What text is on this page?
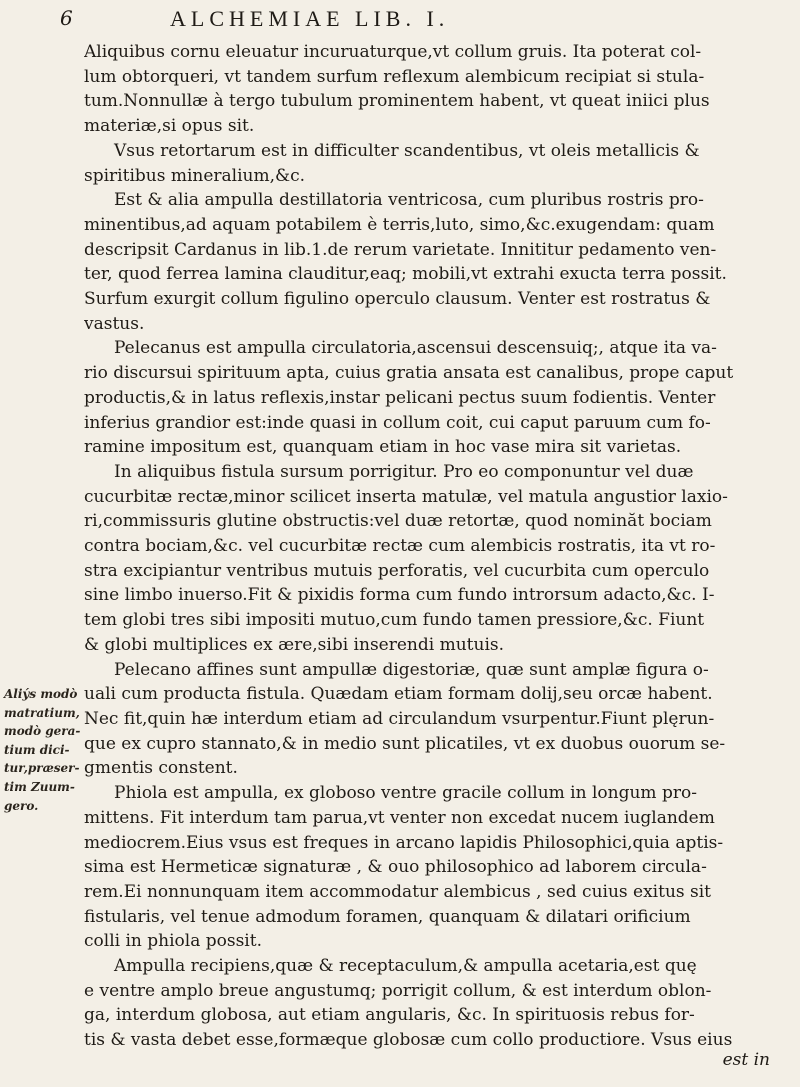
6	ALCHEMIAE LIB. I.

Aliquibus cornu eleuatur incuruaturque,vt collum gruis. Ita poterat col-
lum obtorqueri, vt tandem surfum reflexum alembicum recipiat si stula-
tum.Nonnullæ à tergo tubulum prominentem habent, vt queat iniici plus
materiæ,si opus sit.

Vsus retortarum est in difficulter scandentibus, vt oleis metallicis &
spiritibus mineralium,&c.

Est & alia ampulla destillatoria ventricosa, cum pluribus rostris pro-
minentibus,ad aquam potabilem è terris,luto, simo,&c.exugendam: quam
descripsit Cardanus in lib.1.de rerum varietate. Innititur pedamento ven-
ter, quod ferrea lamina clauditur,eaq; mobili,vt extrahi exucta terra possit.
Surfum exurgit collum figulino operculo clausum. Venter est rostratus &
vastus.

Pelecanus est ampulla circulatoria,ascensui descensuiq;, atque ita va-
rio discursui spirituum apta, cuius gratia ansata est canalibus, prope caput
productis,& in latus reflexis,instar pelicani pectus suum fodientis. Venter
inferius grandior est:inde quasi in collum coit, cui caput paruum cum fo-
ramine impositum est, quanquam etiam in hoc vase mira sit varietas.

In aliquibus fistula sursum porrigitur. Pro eo componuntur vel duæ
cucurbitæ rectæ,minor scilicet inserta matulæ, vel matula angustior laxio-
ri,commissuris glutine obstructis:vel duæ retortæ, quod nominăt bociam
contra bociam,&c. vel cucurbitæ rectæ cum alembicis rostratis, ita vt ro-
stra excipiantur ventribus mutuis perforatis, vel cucurbita cum operculo
sine limbo inuerso.Fit & pixidis forma cum fundo introrsum adacto,&c. I-
tem globi tres sibi impositi mutuo,cum fundo tamen pressiore,&c. Fiunt
& globi multiplices ex ære,sibi inserendi mutuis.

Pelecano affines sunt ampullæ digestoriæ, quæ sunt amplæ figura o-
uali cum producta fistula. Quædam etiam formam dolij,seu orcæ habent.
Nec fit,quin hæ interdum etiam ad circulandum vsurpentur.Fiunt plęrun-
que ex cupro stannato,& in medio sunt plicatiles, vt ex duobus ouorum se-
gmentis constent.

Phiola est ampulla, ex globoso ventre gracile collum in longum pro-
mittens. Fit interdum tam parua,vt venter non excedat nucem iuglandem
mediocrem.Eius vsus est freques in arcano lapidis Philosophici,quia aptis-
sima est Hermeticæ signaturæ , & ouo philosophico ad laborem circula-
rem.Ei nonnunquam item accommodatur alembicus , sed cuius exitus sit
fistularis, vel tenue admodum foramen, quanquam & dilatari orificium
colli in phiola possit.

Ampulla recipiens,quæ & receptaculum,& ampulla acetaria,est quę
e ventre amplo breue angustumq; porrigit collum, & est interdum oblon-
ga, interdum globosa, aut etiam angularis, &c. In spirituosis rebus for-
tis & vasta debet esse,formæque globosæ cum collo productiore. Vsus eius

Aliýs modò
matratium,
modò gera-
tium dici-
tur,præser-
tim Zuum-
gero.
est in
